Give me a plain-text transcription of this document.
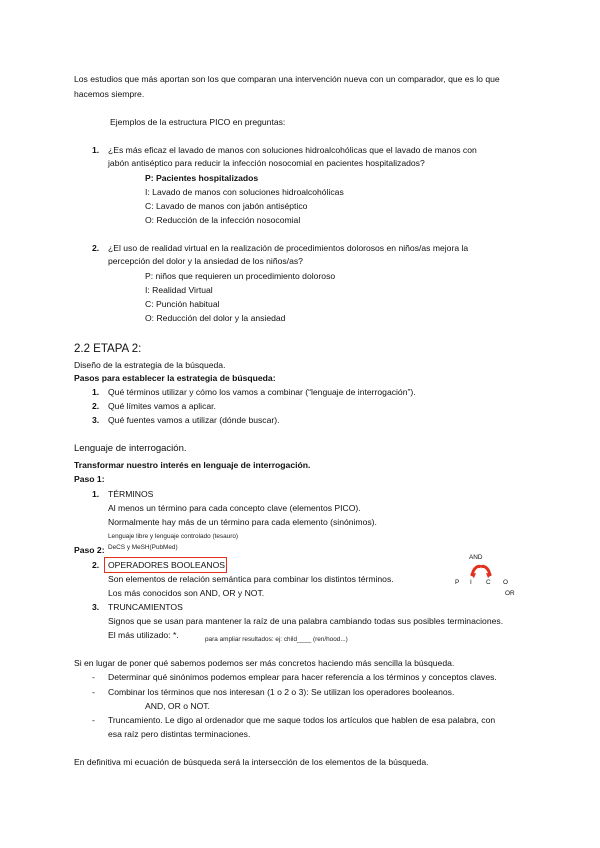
Los estudios que más aportan son los que comparan una intervención nueva con un comparador, que es lo que
hacemos siempre.
Ejemplos de la estructura PICO en preguntas:
1. ¿Es más eficaz el lavado de manos con soluciones hidroalcohólicas que el lavado de manos con
jabón antiséptico para reducir la infección nosocomial en pacientes hospitalizados?
P: Pacientes hospitalizados
I: Lavado de manos con soluciones hidroalcohólicas
C: Lavado de manos con jabón antiséptico
O: Reducción de la infección nosocomial
2. ¿El uso de realidad virtual en la realización de procedimientos dolorosos en niños/as mejora la
percepción del dolor y la ansiedad de los niños/as?
P: niños que requieren un procedimiento doloroso
I: Realidad Virtual
C: Punción habitual
O: Reducción del dolor y la ansiedad
2.2 ETAPA 2:
Diseño de la estrategia de la búsqueda.
Pasos para establecer la estrategia de búsqueda:
1. Qué términos utilizar y cómo los vamos a combinar (“lenguaje de interrogación”).
2. Qué límites vamos a aplicar.
3. Qué fuentes vamos a utilizar (dónde buscar).
Lenguaje de interrogación.
Transformar nuestro interés en lenguaje de interrogación.
Paso 1:
1. TÉRMINOS
Al menos un término para cada concepto clave (elementos PICO).
Normalmente hay más de un término para cada elemento (sinónimos).
Lenguaje libre y lenguaje controlado (tesauro)
Paso 2: DeCS y MeSH(PubMed)
2. OPERADORES BOOLEANOS
Son elementos de relación semántica para combinar los distintos términos.
Los más conocidos son AND, OR y NOT.
AND
P I C O
OR
3. TRUNCAMIENTOS
Signos que se usan para mantener la raíz de una palabra cambiando todas sus posibles terminaciones.
El más utilizado: *.	para ampliar resultados: ej: child____ (ren/hood...)
Si en lugar de poner qué sabemos podemos ser más concretos haciendo más sencilla la búsqueda.
- Determinar qué sinónimos podemos emplear para hacer referencia a los términos y conceptos claves.
- Combinar los términos que nos interesan (1 o 2 o 3): Se utilizan los operadores booleanos.
AND, OR o NOT.
- Truncamiento. Le digo al ordenador que me saque todos los artículos que hablen de esa palabra, con
esa raíz pero distintas terminaciones.
En definitiva mi ecuación de búsqueda será la intersección de los elementos de la búsqueda.
